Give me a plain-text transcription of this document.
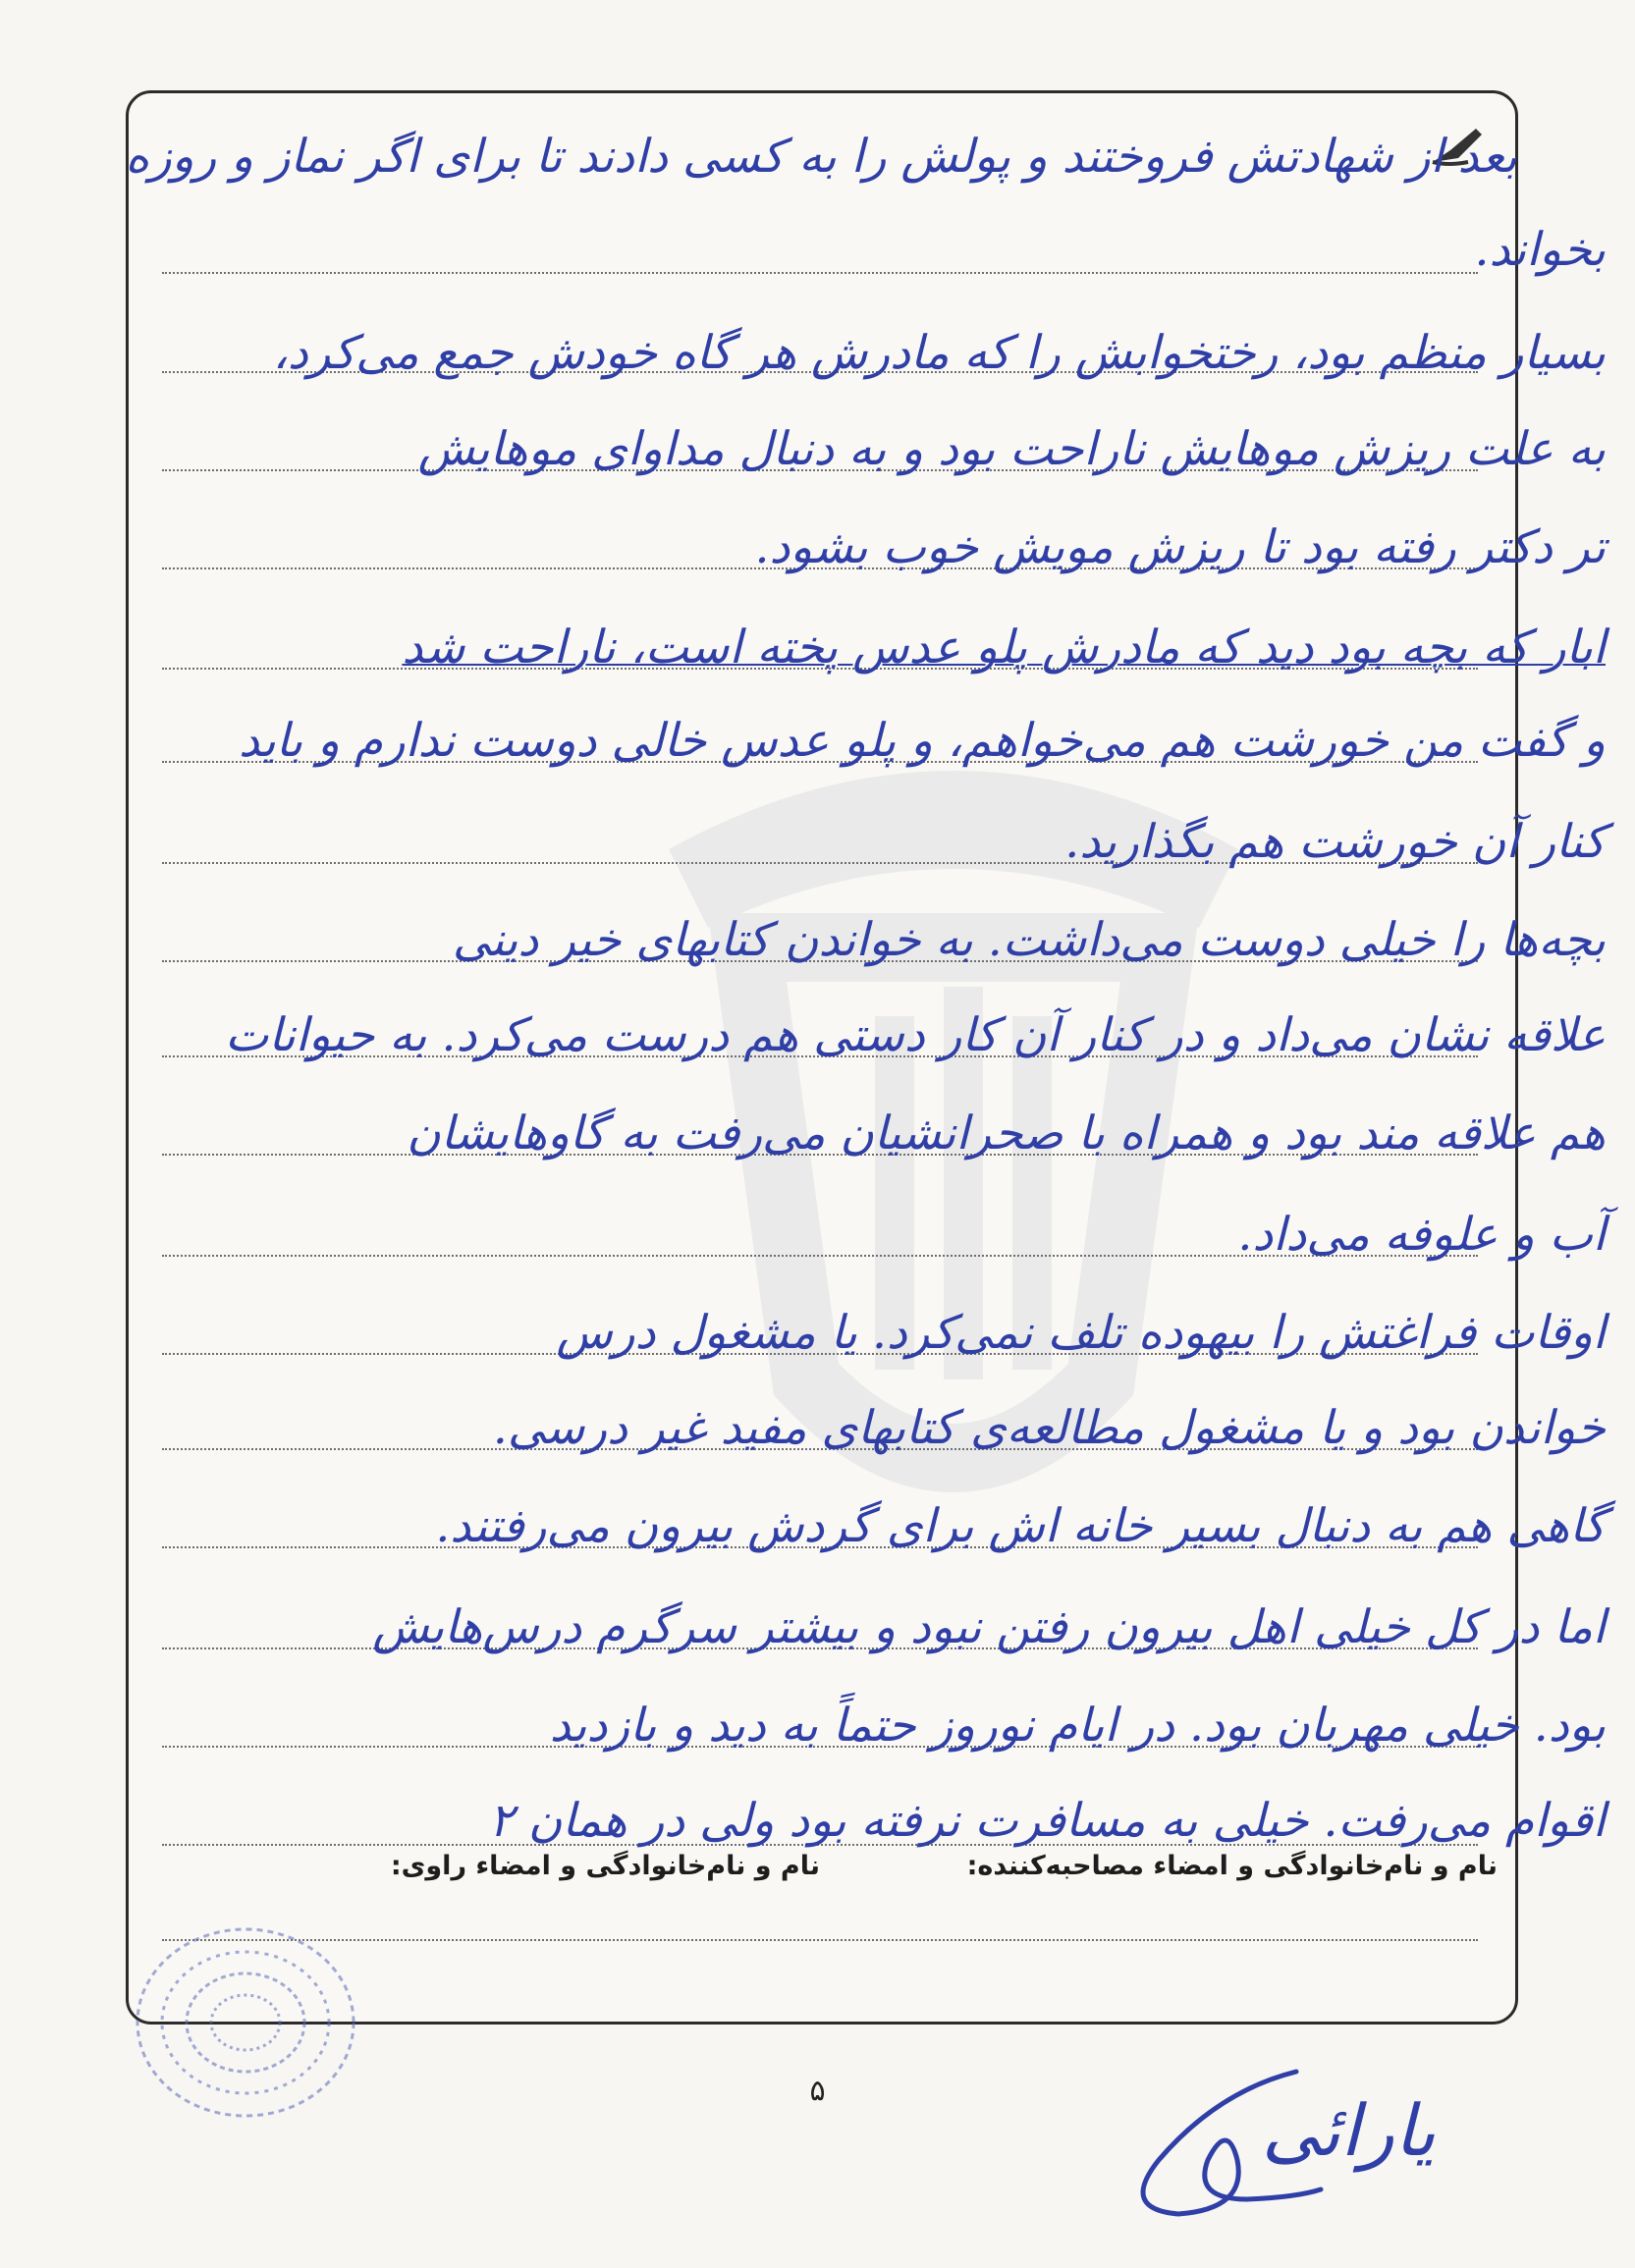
بعد از شهادتش فروختند و پولش را به کسی دادند تا برای اگر نماز و روزه
بخواند.
بسیار منظم بود، رختخوابش را که مادرش هر گاه خودش جمع می‌کرد،
به علت ریزش موهایش ناراحت بود و به دنبال مداوای موهایش
تر دکتر رفته بود تا ریزش مویش خوب بشود.
ابار که بچه بود دید که مادرش پلو عدس پخته است، ناراحت شد
و گفت من خورشت هم می‌خواهم، و پلو عدس خالی دوست ندارم و باید
کنار آن خورشت هم بگذارید.
بچه‌ها را خیلی دوست می‌داشت. به خواندن کتابهای خیر دینی
علاقه نشان می‌داد و در کنار آن کار دستی هم درست می‌کرد. به حیوانات
هم علاقه مند بود و همراه با صحرانشیان می‌رفت به گاوهایشان
آب و علوفه می‌داد.
اوقات فراغتش را بیهوده تلف نمی‌کرد. یا مشغول درس
خواندن بود و یا مشغول مطالعه‌ی کتابهای مفید غیر درسی.
گاهی هم به دنبال بسیر خانه اش برای گردش بیرون می‌رفتند.
اما در کل خیلی اهل بیرون رفتن نبود و بیشتر سرگرم درس‌هایش
بود. خیلی مهربان بود. در ایام نوروز حتماً به دید و بازدید
اقوام می‌رفت. خیلی به مسافرت نرفته بود ولی در همان ۲
نام و نام‌خانوادگی و امضاء مصاحبه‌کننده:
نام و نام‌خانوادگی و امضاء راوی:
۵	یارائی
